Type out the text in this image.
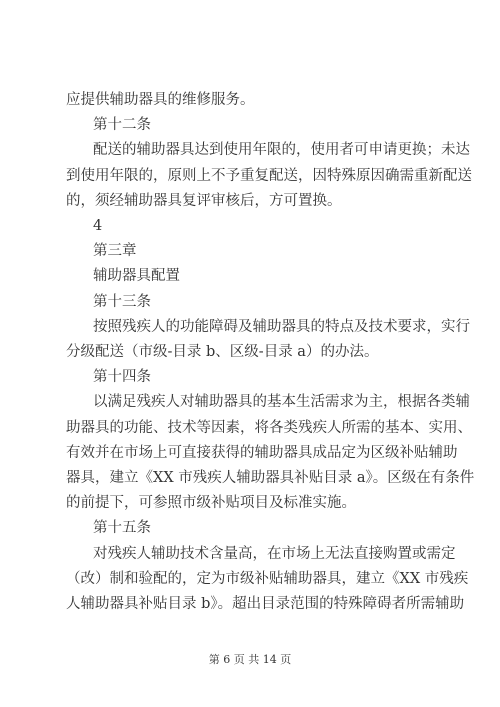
应提供辅助器具的维修服务。
第十二条
配送的辅助器具达到使用年限的，使用者可申请更换；未达
到使用年限的，原则上不予重复配送，因特殊原因确需重新配送
的，须经辅助器具复评审核后，方可置换。
4
第三章
辅助器具配置
第十三条
按照残疾人的功能障碍及辅助器具的特点及技术要求，实行
分级配送（市级-目录 b、区级-目录 a）的办法。
第十四条
以满足残疾人对辅助器具的基本生活需求为主，根据各类辅
助器具的功能、技术等因素，将各类残疾人所需的基本、实用、
有效并在市场上可直接获得的辅助器具成品定为区级补贴辅助
器具，建立《XX 市残疾人辅助器具补贴目录 a》。区级在有条件
的前提下，可参照市级补贴项目及标准实施。
第十五条
对残疾人辅助技术含量高，在市场上无法直接购置或需定
（改）制和验配的，定为市级补贴辅助器具，建立《XX 市残疾
人辅助器具补贴目录 b》。超出目录范围的特殊障碍者所需辅助
第 6 页 共 14 页
